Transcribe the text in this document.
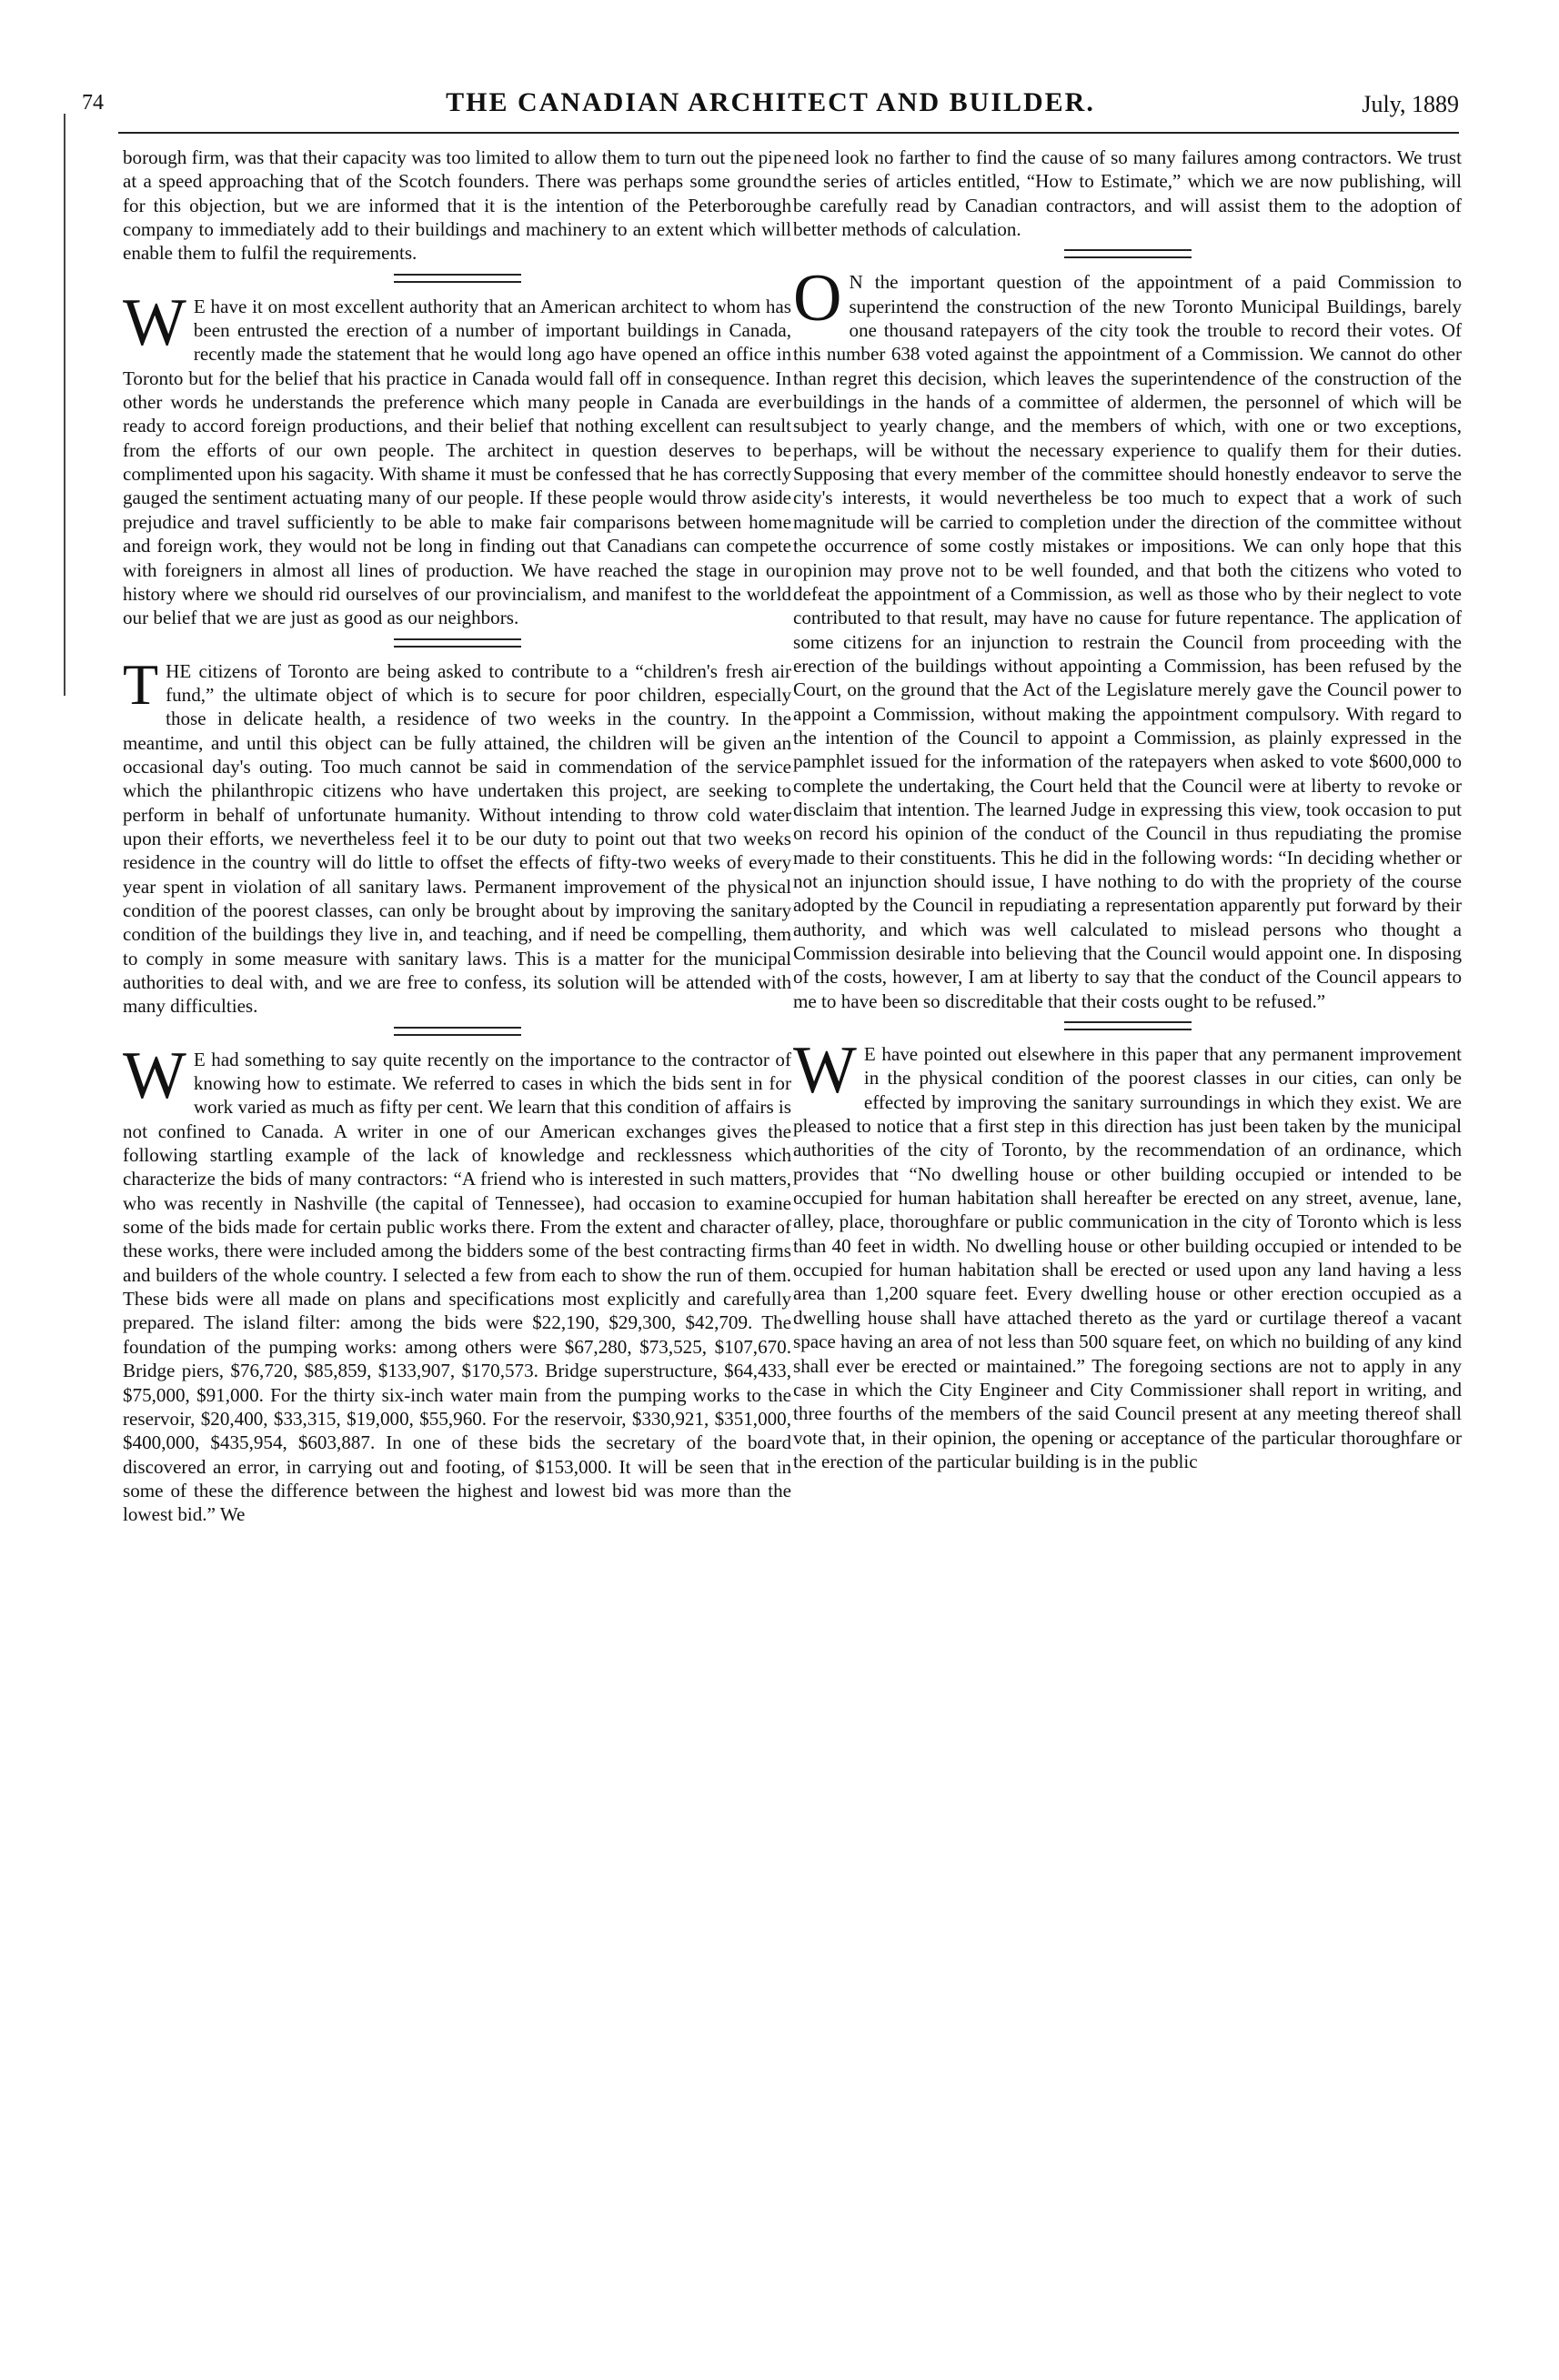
74	THE CANADIAN ARCHITECT AND BUILDER.	July, 1889

borough firm, was that their capacity was too limited to allow them to turn out the pipe at a speed approaching that of the Scotch founders. There was perhaps some ground for this objection, but we are informed that it is the intention of the Peterborough company to immediately add to their buildings and machinery to an extent which will enable them to fulfil the requirements.

W E have it on most excellent authority that an American architect to whom has been entrusted the erection of a number of important buildings in Canada, recently made the statement that he would long ago have opened an office in Toronto but for the belief that his practice in Canada would fall off in consequence. In other words he understands the preference which many people in Canada are ever ready to accord foreign productions, and their belief that nothing excellent can result from the efforts of our own people. The architect in question deserves to be complimented upon his sagacity. With shame it must be confessed that he has correctly gauged the sentiment actuating many of our people. If these people would throw aside prejudice and travel sufficiently to be able to make fair comparisons between home and foreign work, they would not be long in finding out that Canadians can compete with foreigners in almost all lines of production. We have reached the stage in our history where we should rid ourselves of our provincialism, and manifest to the world our belief that we are just as good as our neighbors.

THE citizens of Toronto are being asked to contribute to a “children's fresh air fund,” the ultimate object of which is to secure for poor children, especially those in delicate health, a residence of two weeks in the country. In the meantime, and until this object can be fully attained, the children will be given an occasional day's outing. Too much cannot be said in commendation of the service which the philanthropic citizens who have undertaken this project, are seeking to perform in behalf of unfortunate humanity. Without intending to throw cold water upon their efforts, we nevertheless feel it to be our duty to point out that two weeks residence in the country will do little to offset the effects of fifty-two weeks of every year spent in violation of all sanitary laws. Permanent improvement of the physical condition of the poorest classes, can only be brought about by improving the sanitary condition of the buildings they live in, and teaching, and if need be compelling, them to comply in some measure with sanitary laws. This is a matter for the municipal authorities to deal with, and we are free to confess, its solution will be attended with many difficulties.

W E had something to say quite recently on the importance to the contractor of knowing how to estimate. We referred to cases in which the bids sent in for work varied as much as fifty per cent. We learn that this condition of affairs is not confined to Canada. A writer in one of our American exchanges gives the following startling example of the lack of knowledge and recklessness which characterize the bids of many contractors: “A friend who is interested in such matters, who was recently in Nashville (the capital of Tennessee), had occasion to examine some of the bids made for certain public works there. From the extent and character of these works, there were included among the bidders some of the best contracting firms and builders of the whole country. I selected a few from each to show the run of them. These bids were all made on plans and specifications most explicitly and carefully prepared. The island filter: among the bids were $22,190, $29,300, $42,709. The foundation of the pumping works: among others were $67,280, $73,525, $107,670. Bridge piers, $76,720, $85,859, $133,907, $170,573. Bridge superstructure, $64,433, $75,000, $91,000. For the thirty six-inch water main from the pumping works to the reservoir, $20,400, $33,315, $19,000, $55,960. For the reservoir, $330,921, $351,000, $400,000, $435,954, $603,887. In one of these bids the secretary of the board discovered an error, in carrying out and footing, of $153,000. It will be seen that in some of these the difference between the highest and lowest bid was more than the lowest bid.” We

need look no farther to find the cause of so many failures among contractors. We trust the series of articles entitled, “How to Estimate,” which we are now publishing, will be carefully read by Canadian contractors, and will assist them to the adoption of better methods of calculation.

O N the important question of the appointment of a paid Commission to superintend the construction of the new Toronto Municipal Buildings, barely one thousand ratepayers of the city took the trouble to record their votes. Of this number 638 voted against the appointment of a Commission. We cannot do other than regret this decision, which leaves the superintendence of the construction of the buildings in the hands of a committee of aldermen, the personnel of which will be subject to yearly change, and the members of which, with one or two exceptions, perhaps, will be without the necessary experience to qualify them for their duties. Supposing that every member of the committee should honestly endeavor to serve the city's interests, it would nevertheless be too much to expect that a work of such magnitude will be carried to completion under the direction of the committee without the occurrence of some costly mistakes or impositions. We can only hope that this opinion may prove not to be well founded, and that both the citizens who voted to defeat the appointment of a Commission, as well as those who by their neglect to vote contributed to that result, may have no cause for future repentance. The application of some citizens for an injunction to restrain the Council from proceeding with the erection of the buildings without appointing a Commission, has been refused by the Court, on the ground that the Act of the Legislature merely gave the Council power to appoint a Commission, without making the appointment compulsory. With regard to the intention of the Council to appoint a Commission, as plainly expressed in the pamphlet issued for the information of the ratepayers when asked to vote $600,000 to complete the undertaking, the Court held that the Council were at liberty to revoke or disclaim that intention. The learned Judge in expressing this view, took occasion to put on record his opinion of the conduct of the Council in thus repudiating the promise made to their constituents. This he did in the following words: “In deciding whether or not an injunction should issue, I have nothing to do with the propriety of the course adopted by the Council in repudiating a representation apparently put forward by their authority, and which was well calculated to mislead persons who thought a Commission desirable into believing that the Council would appoint one. In disposing of the costs, however, I am at liberty to say that the conduct of the Council appears to me to have been so discreditable that their costs ought to be refused.”

W E have pointed out elsewhere in this paper that any permanent improvement in the physical condition of the poorest classes in our cities, can only be effected by improving the sanitary surroundings in which they exist. We are pleased to notice that a first step in this direction has just been taken by the municipal authorities of the city of Toronto, by the recommendation of an ordinance, which provides that “No dwelling house or other building occupied or intended to be occupied for human habitation shall hereafter be erected on any street, avenue, lane, alley, place, thoroughfare or public communication in the city of Toronto which is less than 40 feet in width. No dwelling house or other building occupied or intended to be occupied for human habitation shall be erected or used upon any land having a less area than 1,200 square feet. Every dwelling house or other erection occupied as a dwelling house shall have attached thereto as the yard or curtilage thereof a vacant space having an area of not less than 500 square feet, on which no building of any kind shall ever be erected or maintained.” The foregoing sections are not to apply in any case in which the City Engineer and City Commissioner shall report in writing, and three fourths of the members of the said Council present at any meeting thereof shall vote that, in their opinion, the opening or acceptance of the particular thoroughfare or the erection of the particular building is in the public
